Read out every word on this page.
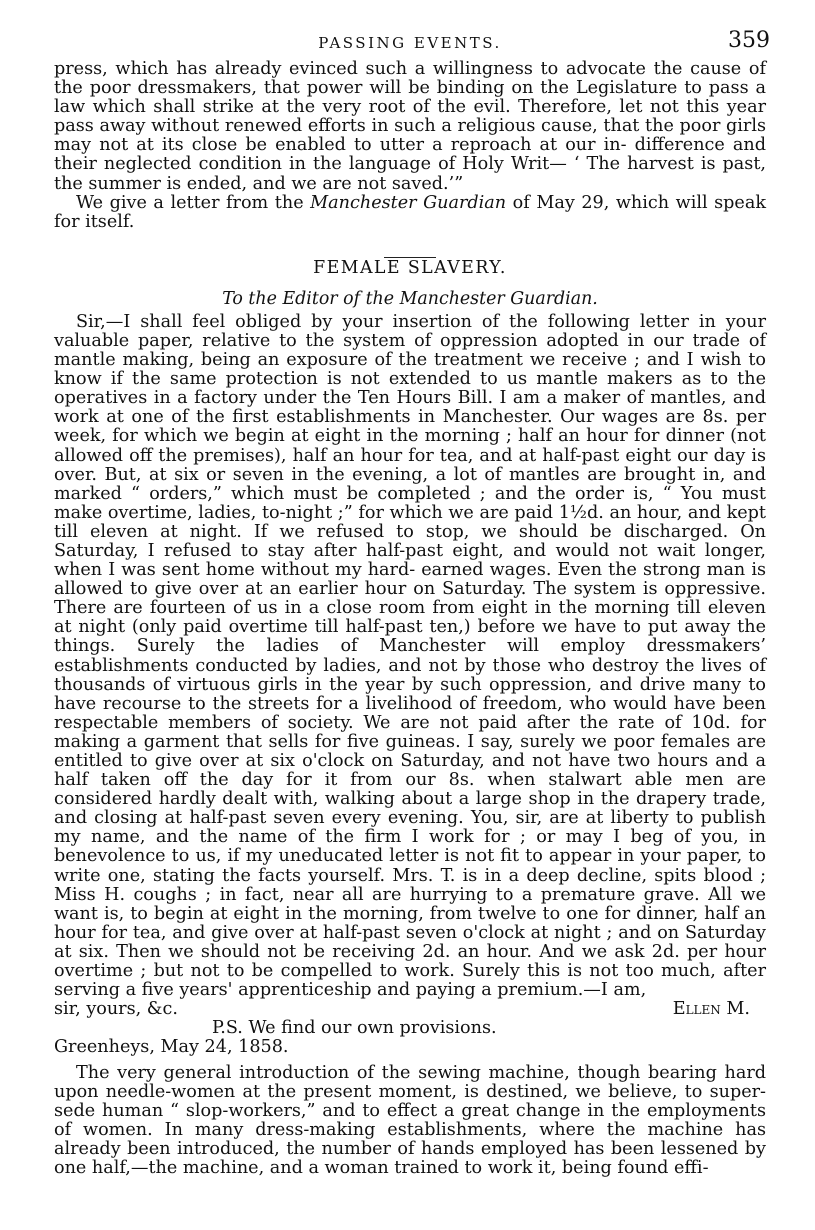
PASSING EVENTS.	359

press, which has already evinced such a willingness to advocate the cause of the poor dressmakers, that power will be binding on the Legislature to pass a law which shall strike at the very root of the evil. Therefore, let not this year pass away without renewed efforts in such a religious cause, that the poor girls may not at its close be enabled to utter a reproach at our in- difference and their neglected condition in the language of Holy Writ— ‘ The harvest is past, the summer is ended, and we are not saved.’”

We give a letter from the Manchester Guardian of May 29, which will speak for itself.

FEMALE SLAVERY.
To the Editor of the Manchester Guardian.

Sir,—I shall feel obliged by your insertion of the following letter in your valuable paper, relative to the system of oppression adopted in our trade of mantle making, being an exposure of the treatment we receive ; and I wish to know if the same protection is not extended to us mantle makers as to the operatives in a factory under the Ten Hours Bill. I am a maker of mantles, and work at one of the first establishments in Manchester. Our wages are 8s. per week, for which we begin at eight in the morning ; half an hour for dinner (not allowed off the premises), half an hour for tea, and at half-past eight our day is over. But, at six or seven in the evening, a lot of mantles are brought in, and marked “ orders,” which must be completed ; and the order is, “ You must make overtime, ladies, to-night ;” for which we are paid 1½d. an hour, and kept till eleven at night. If we refused to stop, we should be discharged. On Saturday, I refused to stay after half-past eight, and would not wait longer, when I was sent home without my hard- earned wages. Even the strong man is allowed to give over at an earlier hour on Saturday. The system is oppressive. There are fourteen of us in a close room from eight in the morning till eleven at night (only paid overtime till half-past ten,) before we have to put away the things. Surely the ladies of Manchester will employ dressmakers’ establishments conducted by ladies, and not by those who destroy the lives of thousands of virtuous girls in the year by such oppression, and drive many to have recourse to the streets for a livelihood of freedom, who would have been respectable members of society. We are not paid after the rate of 10d. for making a garment that sells for five guineas. I say, surely we poor females are entitled to give over at six o'clock on Saturday, and not have two hours and a half taken off the day for it from our 8s. when stalwart able men are considered hardly dealt with, walking about a large shop in the drapery trade, and closing at half-past seven every evening. You, sir, are at liberty to publish my name, and the name of the firm I work for ; or may I beg of you, in benevolence to us, if my uneducated letter is not fit to appear in your paper, to write one, stating the facts yourself. Mrs. T. is in a deep decline, spits blood ; Miss H. coughs ; in fact, near all are hurrying to a premature grave. All we want is, to begin at eight in the morning, from twelve to one for dinner, half an hour for tea, and give over at half-past seven o'clock at night ; and on Saturday at six. Then we should not be receiving 2d. an hour. And we ask 2d. per hour overtime ; but not to be compelled to work. Surely this is not too much, after serving a five years' apprenticeship and paying a premium.—I am,

sir, yours, &c.	Ellen M.
P.S. We find our own provisions.
Greenheys, May 24, 1858.

The very general introduction of the sewing machine, though bearing hard upon needle-women at the present moment, is destined, we believe, to super- sede human “ slop-workers,” and to effect a great change in the employments of women. In many dress-making establishments, where the machine has already been introduced, the number of hands employed has been lessened by one half,—the machine, and a woman trained to work it, being found effi-
